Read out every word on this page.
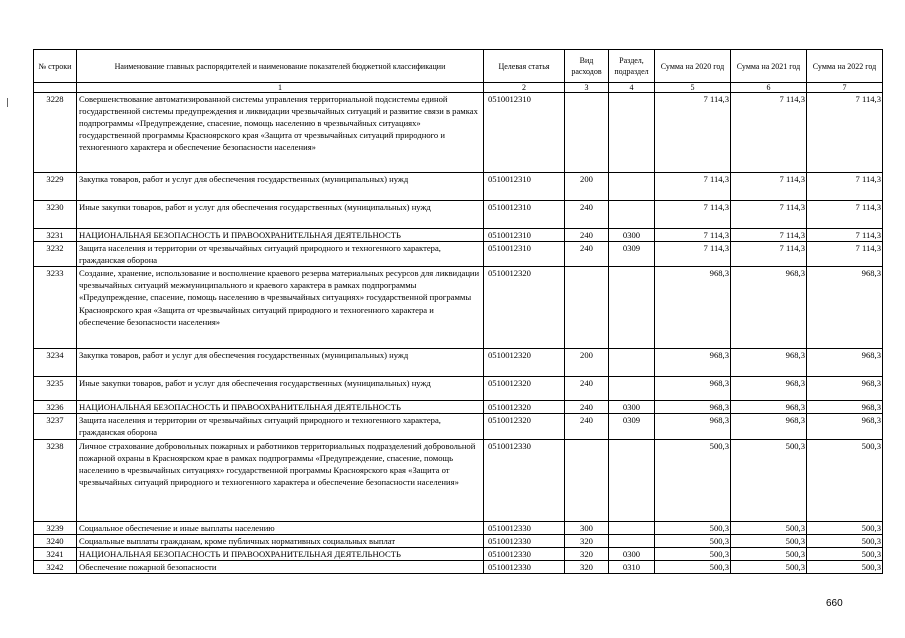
№ строки	Наименование главных распорядителей и наименование показателей бюджетной классификации	Целевая статья	Вид расходов	Раздел, подраздел	Сумма на 2020 год	Сумма на 2021 год	Сумма на 2022 год
	1	2	3	4	5	6	7
3228	Совершенствование автоматизированной системы управления территориальной подсистемы единой государственной системы предупреждения и ликвидации чрезвычайных ситуаций и развитие связи в рамках подпрограммы «Предупреждение, спасение, помощь населению в чрезвычайных ситуациях» государственной программы Красноярского края «Защита от чрезвычайных ситуаций природного и техногенного характера и обеспечение безопасности населения»	0510012310			7 114,3	7 114,3	7 114,3
3229	Закупка товаров, работ и услуг для обеспечения государственных (муниципальных) нужд	0510012310	200		7 114,3	7 114,3	7 114,3
3230	Иные закупки товаров, работ и услуг для обеспечения государственных (муниципальных) нужд	0510012310	240		7 114,3	7 114,3	7 114,3
3231	НАЦИОНАЛЬНАЯ БЕЗОПАСНОСТЬ И ПРАВООХРАНИТЕЛЬНАЯ ДЕЯТЕЛЬНОСТЬ	0510012310	240	0300	7 114,3	7 114,3	7 114,3
3232	Защита населения и территории от чрезвычайных ситуаций природного и техногенного характера, гражданская оборона	0510012310	240	0309	7 114,3	7 114,3	7 114,3
3233	Создание, хранение, использование и восполнение краевого резерва материальных ресурсов для ликвидации чрезвычайных ситуаций межмуниципального и краевого характера в рамках подпрограммы «Предупреждение, спасение, помощь населению в чрезвычайных ситуациях» государственной программы Красноярского края «Защита от чрезвычайных ситуаций природного и техногенного характера и обеспечение безопасности населения»	0510012320			968,3	968,3	968,3
3234	Закупка товаров, работ и услуг для обеспечения государственных (муниципальных) нужд	0510012320	200		968,3	968,3	968,3
3235	Иные закупки товаров, работ и услуг для обеспечения государственных (муниципальных) нужд	0510012320	240		968,3	968,3	968,3
3236	НАЦИОНАЛЬНАЯ БЕЗОПАСНОСТЬ И ПРАВООХРАНИТЕЛЬНАЯ ДЕЯТЕЛЬНОСТЬ	0510012320	240	0300	968,3	968,3	968,3
3237	Защита населения и территории от чрезвычайных ситуаций природного и техногенного характера, гражданская оборона	0510012320	240	0309	968,3	968,3	968,3
3238	Личное страхование добровольных пожарных и работников территориальных подразделений добровольной пожарной охраны в Красноярском крае в рамках подпрограммы «Предупреждение, спасение, помощь населению в чрезвычайных ситуациях» государственной программы Красноярского края «Защита от чрезвычайных ситуаций природного и техногенного характера и обеспечение безопасности населения»	0510012330			500,3	500,3	500,3
3239	Социальное обеспечение и иные выплаты населению	0510012330	300		500,3	500,3	500,3
3240	Социальные выплаты гражданам, кроме публичных нормативных социальных выплат	0510012330	320		500,3	500,3	500,3
3241	НАЦИОНАЛЬНАЯ БЕЗОПАСНОСТЬ И ПРАВООХРАНИТЕЛЬНАЯ ДЕЯТЕЛЬНОСТЬ	0510012330	320	0300	500,3	500,3	500,3
3242	Обеспечение пожарной безопасности	0510012330	320	0310	500,3	500,3	500,3
660
